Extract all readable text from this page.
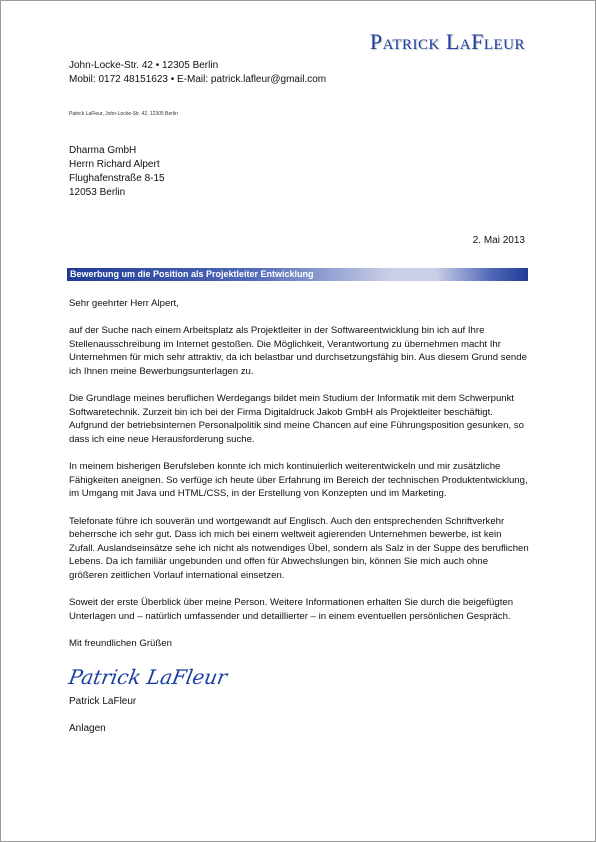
Patrick LaFleur
John-Locke-Str. 42 • 12305 Berlin
Mobil: 0172 48151623 • E-Mail: patrick.lafleur@gmail.com
Patrick LaFleur, John-Locke-Str. 42, 12305 Berlin
Dharma GmbH
Herrn Richard Alpert
Flughafenstraße 8-15
12053 Berlin
2. Mai 2013
Bewerbung um die Position als Projektleiter Entwicklung

Sehr geehrter Herr Alpert,

auf der Suche nach einem Arbeitsplatz als Projektleiter in der Softwareentwicklung bin ich auf Ihre Stellenausschreibung im Internet gestoßen. Die Möglichkeit, Verantwortung zu übernehmen macht Ihr Unternehmen für mich sehr attraktiv, da ich belastbar und durchsetzungsfähig bin. Aus diesem Grund sende ich Ihnen meine Bewerbungsunterlagen zu.

Die Grundlage meines beruflichen Werdegangs bildet mein Studium der Informatik mit dem Schwerpunkt Softwaretechnik. Zurzeit bin ich bei der Firma Digitaldruck Jakob GmbH als Projektleiter beschäftigt. Aufgrund der betriebsinternen Personalpolitik sind meine Chancen auf eine Führungsposition gesunken, so dass ich eine neue Herausforderung suche.

In meinem bisherigen Berufsleben konnte ich mich kontinuierlich weiterentwickeln und mir zusätzliche Fähigkeiten aneignen. So verfüge ich heute über Erfahrung im Bereich der technischen Produktentwicklung, im Umgang mit Java und HTML/CSS, in der Erstellung von Konzepten und im Marketing.

Telefonate führe ich souverän und wortgewandt auf Englisch. Auch den entsprechenden Schriftverkehr beherrsche ich sehr gut. Dass ich mich bei einem weltweit agierenden Unternehmen bewerbe, ist kein Zufall. Auslandseinsätze sehe ich nicht als notwendiges Übel, sondern als Salz in der Suppe des beruflichen Lebens. Da ich familiär ungebunden und offen für Abwechslungen bin, können Sie mich auch ohne größeren zeitlichen Vorlauf international einsetzen.

Soweit der erste Überblick über meine Person. Weitere Informationen erhalten Sie durch die beigefügten Unterlagen und – natürlich umfassender und detaillierter – in einem eventuellen persönlichen Gespräch.

Mit freundlichen Grüßen

Patrick LaFleur
Patrick LaFleur
Anlagen
